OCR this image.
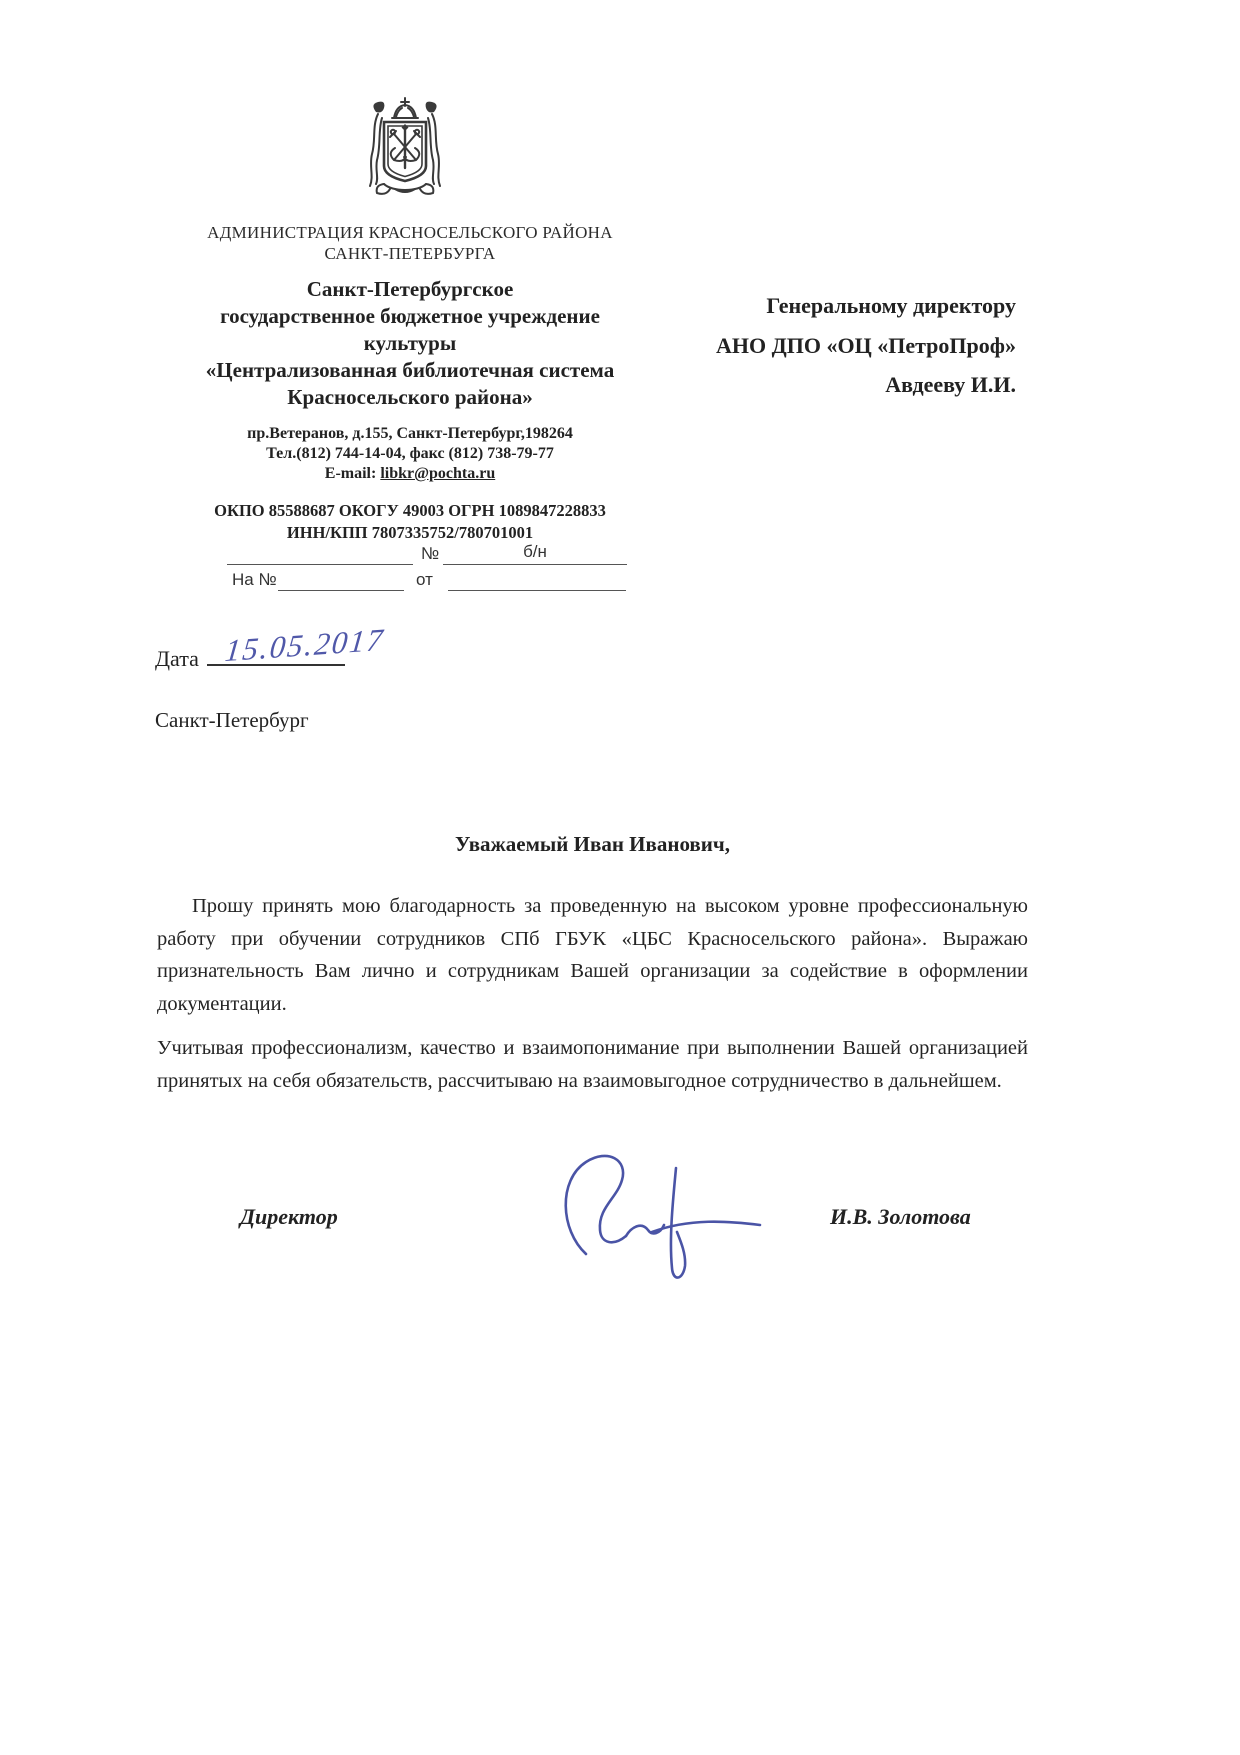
АДМИНИСТРАЦИЯ КРАСНОСЕЛЬСКОГО РАЙОНА
САНКТ-ПЕТЕРБУРГА
Санкт-Петербургское
государственное бюджетное учреждение
культуры
«Централизованная библиотечная система
Красносельского района»
пр.Ветеранов, д.155, Санкт-Петербург,198264
Тел.(812) 744-14-04, факс (812) 738-79-77
E-mail: libkr@pochta.ru
ОКПО 85588687 ОКОГУ 49003 ОГРН 1089847228833
ИНН/КПП 7807335752/780701001
№	б/н
На №	от
Генеральному директору
АНО ДПО «ОЦ «ПетроПроф»
Авдееву И.И.
Дата 15.05.2017
Санкт-Петербург
Уважаемый Иван Иванович,
Прошу принять мою благодарность за проведенную на высоком уровне профессиональную работу при обучении сотрудников СПб ГБУК «ЦБС Красносельского района». Выражаю признательность Вам лично и сотрудникам Вашей организации за содействие в оформлении документации.
Учитывая профессионализм, качество и взаимопонимание при выполнении Вашей организацией принятых на себя обязательств, рассчитываю на взаимовыгодное сотрудничество в дальнейшем.
Директор	И.В. Золотова
